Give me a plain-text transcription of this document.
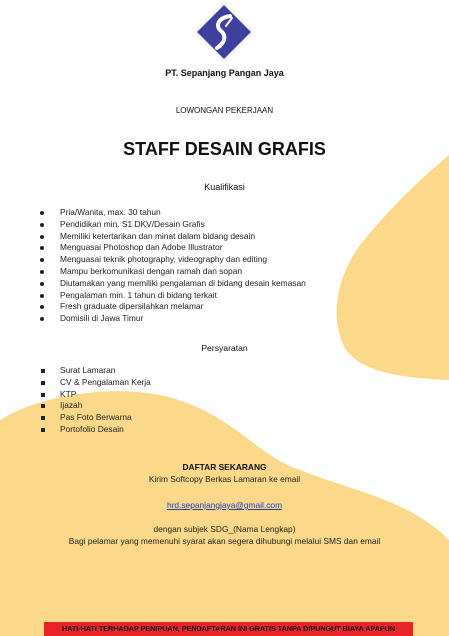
PT. Sepanjang Pangan Jaya
LOWONGAN PEKERJAAN
STAFF DESAIN GRAFIS
Kualifikasi
Pria/Wanita, max. 30 tahun
Pendidikan min. S1 DKV/Desain Grafis
Memiliki ketertarikan dan minat dalam bidang desain
Menguasai Photoshop dan Adobe Illustrator
Menguasai teknik photography, videography dan editing
Mampu berkomunikasi dengan ramah dan sopan
Diutamakan yang memiliki pengalaman di bidang desain kemasan
Pengalaman min. 1 tahun di bidang terkait
Fresh graduate dipersilahkan melamar
Domisili di Jawa Timur
Persyaratan
Surat Lamaran
CV & Pengalaman Kerja
KTP
Ijazah
Pas Foto Berwarna
Portofolio Desain
DAFTAR SEKARANG
Kirim Softcopy Berkas Lamaran ke email
hrd.sepanjangjaya@gmail.com
dengan subjek SDG_(Nama Lengkap)
Bagi pelamar yang memenuhi syarat akan segera dihubungi melalui SMS dan email
HATI-HATI TERHADAP PENIPUAN, PENDAFTARAN INI GRATIS TANPA DIPUNGUT BIAYA APAPUN
